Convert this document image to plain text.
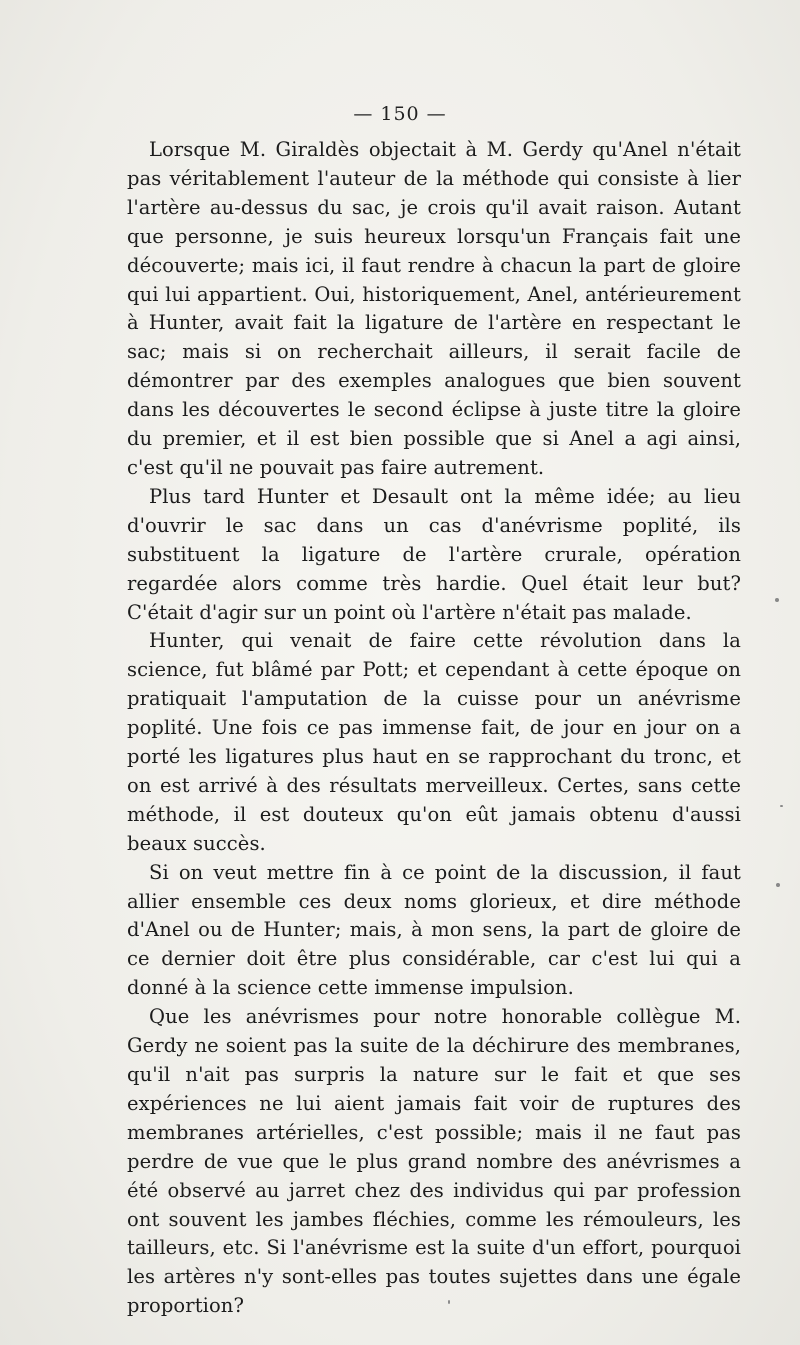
— 150 —

Lorsque M. Giraldès objectait à M. Gerdy qu'Anel n'était pas véritablement l'auteur de la méthode qui consiste à lier l'artère au-dessus du sac, je crois qu'il avait raison. Autant que personne, je suis heureux lorsqu'un Français fait une découverte; mais ici, il faut rendre à chacun la part de gloire qui lui appartient. Oui, historiquement, Anel, antérieurement à Hunter, avait fait la ligature de l'artère en respectant le sac; mais si on recherchait ailleurs, il serait facile de démontrer par des exemples analogues que bien souvent dans les découvertes le second éclipse à juste titre la gloire du premier, et il est bien possible que si Anel a agi ainsi, c'est qu'il ne pouvait pas faire autrement.

Plus tard Hunter et Desault ont la même idée; au lieu d'ouvrir le sac dans un cas d'anévrisme poplité, ils substituent la ligature de l'artère crurale, opération regardée alors comme très hardie. Quel était leur but? C'était d'agir sur un point où l'artère n'était pas malade.

Hunter, qui venait de faire cette révolution dans la science, fut blâmé par Pott; et cependant à cette époque on pratiquait l'amputation de la cuisse pour un anévrisme poplité. Une fois ce pas immense fait, de jour en jour on a porté les ligatures plus haut en se rapprochant du tronc, et on est arrivé à des résultats merveilleux. Certes, sans cette méthode, il est douteux qu'on eût jamais obtenu d'aussi beaux succès.

Si on veut mettre fin à ce point de la discussion, il faut allier ensemble ces deux noms glorieux, et dire méthode d'Anel ou de Hunter; mais, à mon sens, la part de gloire de ce dernier doit être plus considérable, car c'est lui qui a donné à la science cette immense impulsion.

Que les anévrismes pour notre honorable collègue M. Gerdy ne soient pas la suite de la déchirure des membranes, qu'il n'ait pas surpris la nature sur le fait et que ses expériences ne lui aient jamais fait voir de ruptures des membranes artérielles, c'est possible; mais il ne faut pas perdre de vue que le plus grand nombre des anévrismes a été observé au jarret chez des individus qui par profession ont souvent les jambes fléchies, comme les rémouleurs, les tailleurs, etc. Si l'anévrisme est la suite d'un effort, pourquoi les artères n'y sont-elles pas toutes sujettes dans une égale proportion?
